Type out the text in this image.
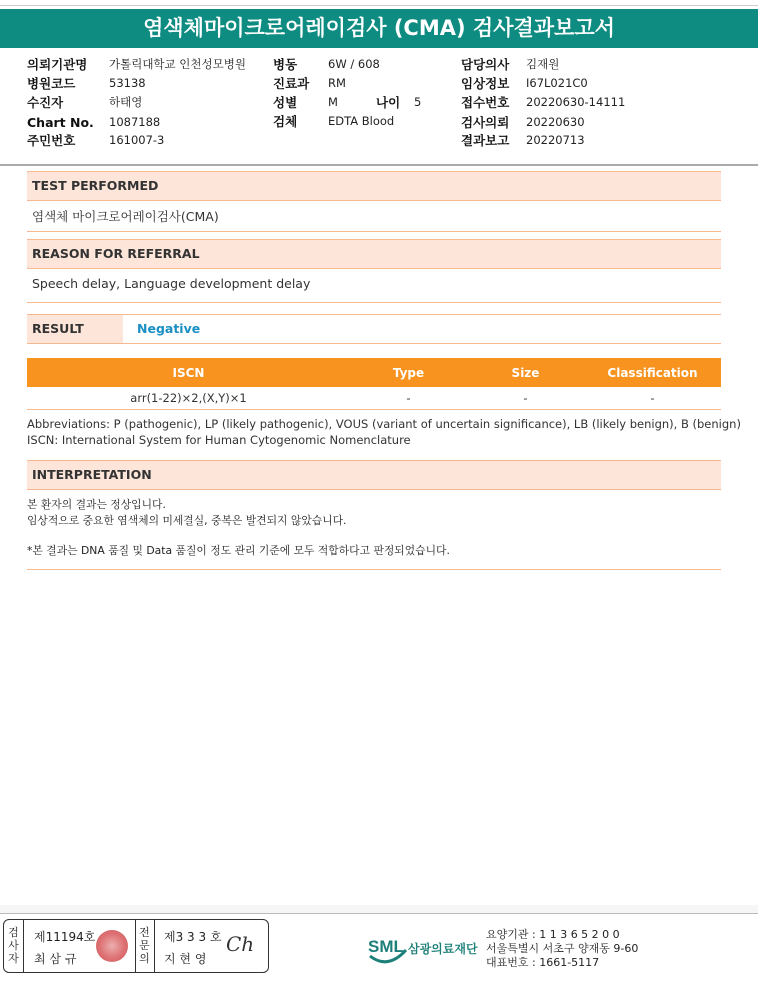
염색체마이크로어레이검사 (CMA) 검사결과보고서
의뢰기관명 가톨릭대학교 인천성모병원
병원코드	53138
수진자	하태영
Chart No. 1087188
주민번호	161007-3
병동	6W / 608
진료과 RM
성별	M	나이 5
검체	EDTA Blood
담당의사 김재원
임상정보 I67L021C0
접수번호 20220630-14111
검사의뢰 20220630
결과보고 20220713
TEST PERFORMED
염색체 마이크로어레이검사(CMA)
REASON FOR REFERRAL
Speech delay, Language development delay
RESULT	Negative
ISCN	Type	Size	Classification
arr(1-22)×2,(X,Y)×1	-	-	-
Abbreviations: P (pathogenic), LP (likely pathogenic), VOUS (variant of uncertain significance), LB (likely benign), B (benign)
ISCN: International System for Human Cytogenomic Nomenclature
INTERPRETATION
본 환자의 결과는 정상입니다.
임상적으로 중요한 염색체의 미세결실, 중복은 발견되지 않았습니다.
*본 결과는 DNA 품질 및 Data 품질이 정도 관리 기준에 모두 적합하다고 판정되었습니다.
검
사
자
제11194호
최 삼 규
전
문
의
제3 3 3 호
지 현 영
Ch	SML 삼광의료재단
요양기관 : 1 1 3 6 5 2 0 0
서울특별시 서초구 양재동 9-60
대표번호 : 1661-5117
